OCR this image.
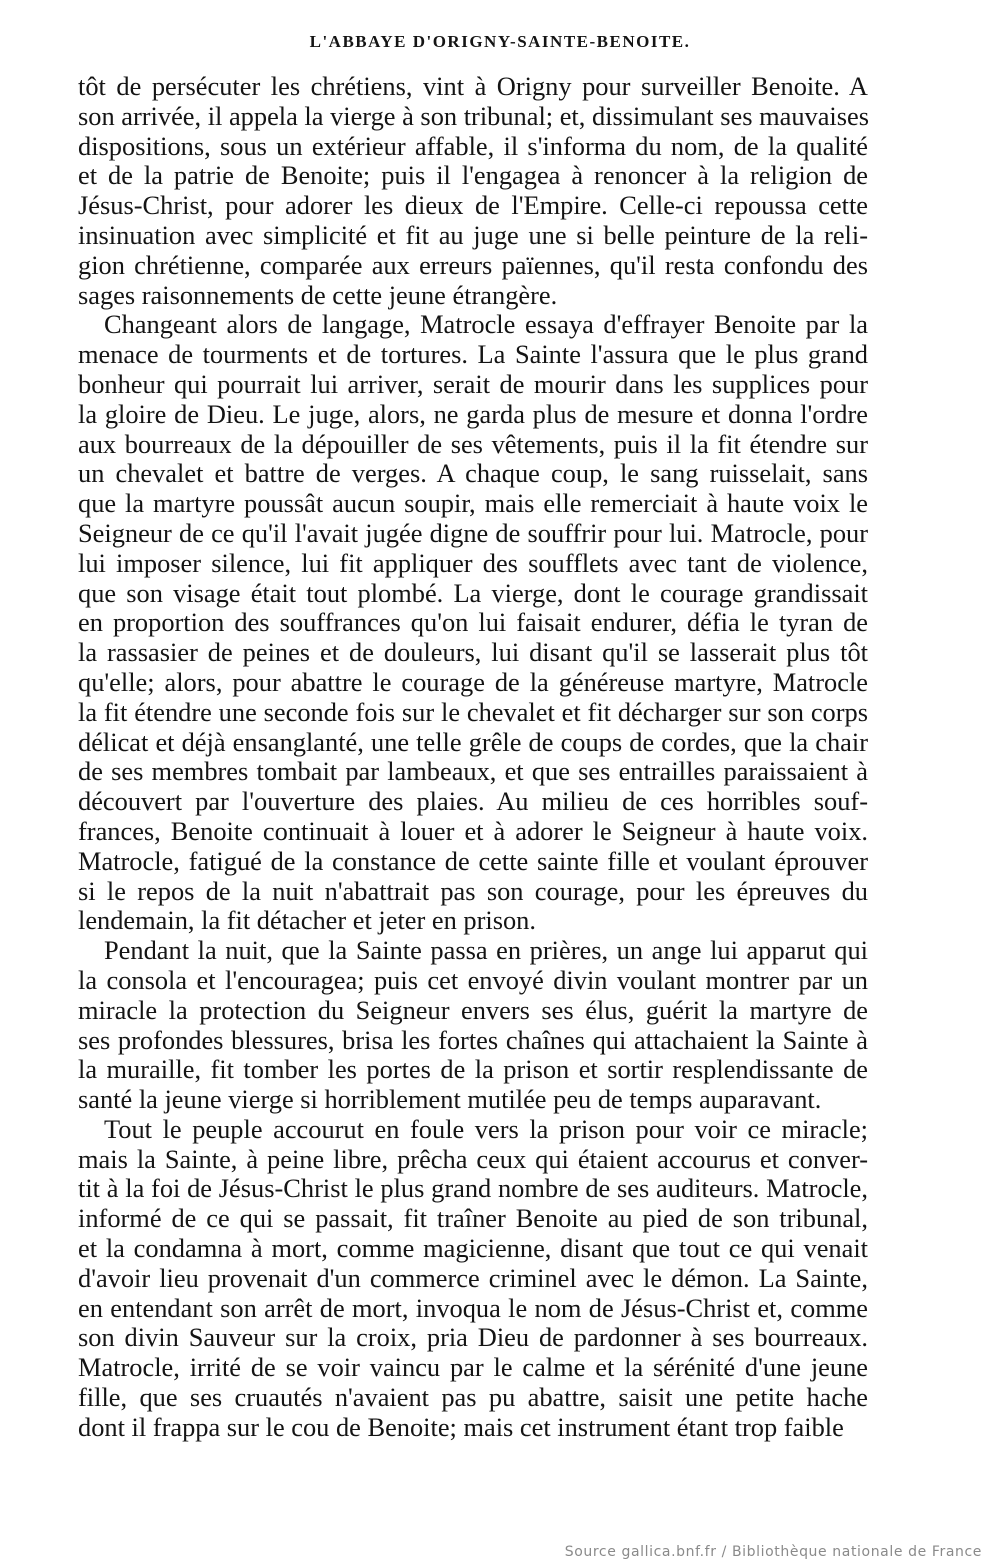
L'ABBAYE D'ORIGNY-SAINTE-BENOITE.
tôt de persécuter les chrétiens, vint à Origny pour surveiller Benoite. A
son arrivée, il appela la vierge à son tribunal; et, dissimulant ses mauvaises
dispositions, sous un extérieur affable, il s'informa du nom, de la qualité
et de la patrie de Benoite; puis il l'engagea à renoncer à la religion de
Jésus-Christ, pour adorer les dieux de l'Empire. Celle-ci repoussa cette
insinuation avec simplicité et fit au juge une si belle peinture de la reli-
gion chrétienne, comparée aux erreurs païennes, qu'il resta confondu des
sages raisonnements de cette jeune étrangère.
Changeant alors de langage, Matrocle essaya d'effrayer Benoite par la
menace de tourments et de tortures. La Sainte l'assura que le plus grand
bonheur qui pourrait lui arriver, serait de mourir dans les supplices pour
la gloire de Dieu. Le juge, alors, ne garda plus de mesure et donna l'ordre
aux bourreaux de la dépouiller de ses vêtements, puis il la fit étendre sur
un chevalet et battre de verges. A chaque coup, le sang ruisselait, sans
que la martyre poussât aucun soupir, mais elle remerciait à haute voix le
Seigneur de ce qu'il l'avait jugée digne de souffrir pour lui. Matrocle, pour
lui imposer silence, lui fit appliquer des soufflets avec tant de violence,
que son visage était tout plombé. La vierge, dont le courage grandissait
en proportion des souffrances qu'on lui faisait endurer, défia le tyran de
la rassasier de peines et de douleurs, lui disant qu'il se lasserait plus tôt
qu'elle; alors, pour abattre le courage de la généreuse martyre, Matrocle
la fit étendre une seconde fois sur le chevalet et fit décharger sur son corps
délicat et déjà ensanglanté, une telle grêle de coups de cordes, que la chair
de ses membres tombait par lambeaux, et que ses entrailles paraissaient à
découvert par l'ouverture des plaies. Au milieu de ces horribles souf-
frances, Benoite continuait à louer et à adorer le Seigneur à haute voix.
Matrocle, fatigué de la constance de cette sainte fille et voulant éprouver
si le repos de la nuit n'abattrait pas son courage, pour les épreuves du
lendemain, la fit détacher et jeter en prison.
Pendant la nuit, que la Sainte passa en prières, un ange lui apparut qui
la consola et l'encouragea; puis cet envoyé divin voulant montrer par un
miracle la protection du Seigneur envers ses élus, guérit la martyre de
ses profondes blessures, brisa les fortes chaînes qui attachaient la Sainte à
la muraille, fit tomber les portes de la prison et sortir resplendissante de
santé la jeune vierge si horriblement mutilée peu de temps auparavant.
Tout le peuple accourut en foule vers la prison pour voir ce miracle;
mais la Sainte, à peine libre, prêcha ceux qui étaient accourus et conver-
tit à la foi de Jésus-Christ le plus grand nombre de ses auditeurs. Matrocle,
informé de ce qui se passait, fit traîner Benoite au pied de son tribunal,
et la condamna à mort, comme magicienne, disant que tout ce qui venait
d'avoir lieu provenait d'un commerce criminel avec le démon. La Sainte,
en entendant son arrêt de mort, invoqua le nom de Jésus-Christ et, comme
son divin Sauveur sur la croix, pria Dieu de pardonner à ses bourreaux.
Matrocle, irrité de se voir vaincu par le calme et la sérénité d'une jeune
fille, que ses cruautés n'avaient pas pu abattre, saisit une petite hache
dont il frappa sur le cou de Benoite; mais cet instrument étant trop faible
Source gallica.bnf.fr / Bibliothèque nationale de France
